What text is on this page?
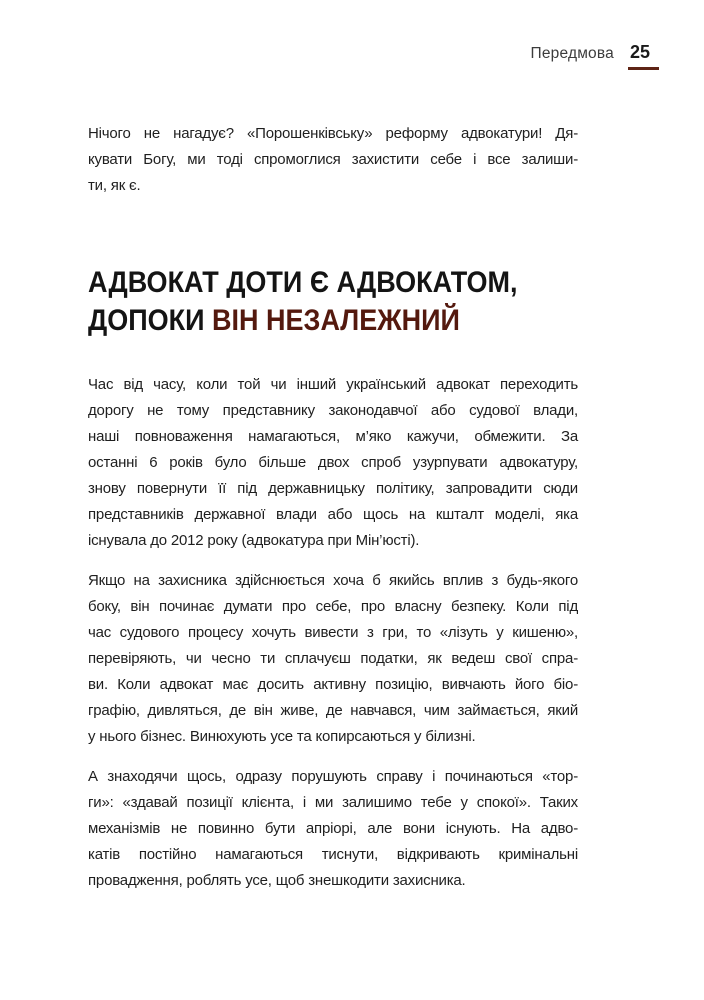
Передмова 25

Нічого не нагадує? «Порошенківську» реформу адвокатури! Дя-
кувати Богу, ми тоді спромоглися захистити себе і все залиши-
ти, як є.

АДВОКАТ ДОТИ Є АДВОКАТОМ,
ДОПОКИ ВІН НЕЗАЛЕЖНИЙ

Час від часу, коли той чи інший український адвокат переходить
дорогу не тому представнику законодавчої або судової влади,
наші повноваження намагаються, м’яко кажучи, обмежити. За
останні 6 років було більше двох спроб узурпувати адвокатуру,
знову повернути її під державницьку політику, запровадити сюди
представників державної влади або щось на кшталт моделі, яка
існувала до 2012 року (адвокатура при Мін’юсті).

Якщо на захисника здійснюється хоча б якийсь вплив з будь-якого
боку, він починає думати про себе, про власну безпеку. Коли під
час судового процесу хочуть вивести з гри, то «лізуть у кишеню»,
перевіряють, чи чесно ти сплачуєш податки, як ведеш свої спра-
ви. Коли адвокат має досить активну позицію, вивчають його біо-
графію, дивляться, де він живе, де навчався, чим займається, який
у нього бізнес. Винюхують усе та копирсаються у білизні.

А знаходячи щось, одразу порушують справу і починаються «тор-
ги»: «здавай позиції клієнта, і ми залишимо тебе у спокої». Таких
механізмів не повинно бути апріорі, але вони існують. На адво-
катів постійно намагаються тиснути, відкривають кримінальні
провадження, роблять усе, щоб знешкодити захисника.
